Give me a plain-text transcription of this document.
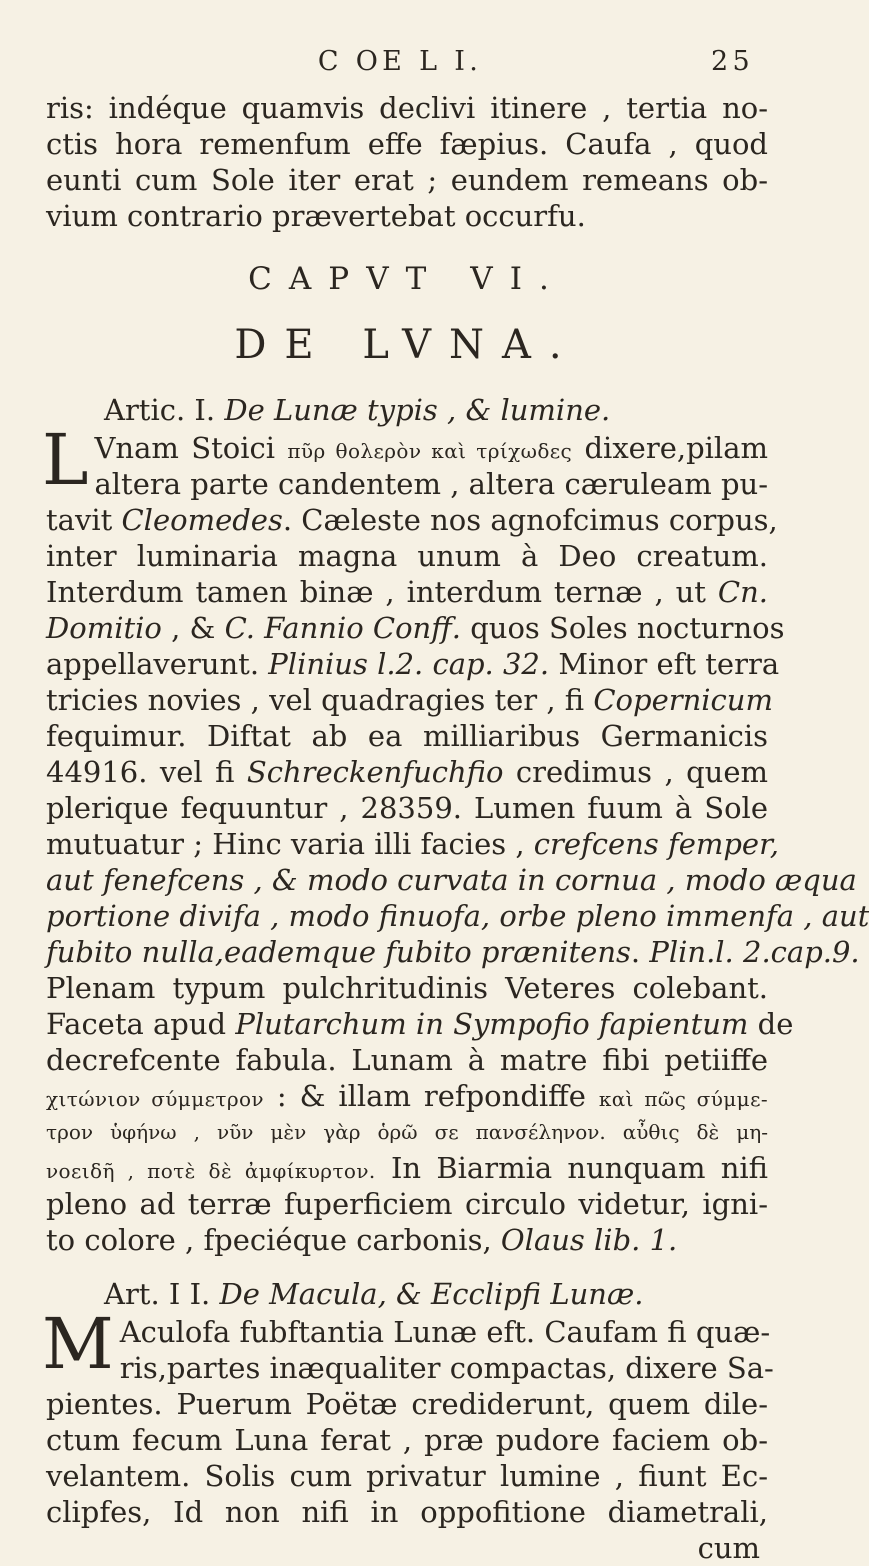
C OE L I.	25
ris: indéque quamvis declivi itinere , tertia no-
ctis hora remenfum effe fæpius. Caufa , quod
eunti cum Sole iter erat ; eundem remeans ob-
vium contrario prævertebat occurfu.
CAPVT VI.
DE LVNA.
Artic. I. De Lunæ typis , & lumine.
L Vnam Stoici πῦρ θολερὸν καὶ τρίχωδες dixere,pilam
altera parte candentem , altera cæruleam pu-
tavit Cleomedes. Cæleste nos agnofcimus corpus,
inter luminaria magna unum à Deo creatum.
Interdum tamen binæ , interdum ternæ , ut Cn.
Domitio , & C. Fannio Conff. quos Soles nocturnos
appellaverunt. Plinius l.2. cap. 32. Minor eft terra
tricies novies , vel quadragies ter , fi Copernicum
fequimur. Diftat ab ea milliaribus Germanicis
44916. vel fi Schreckenfuchfio credimus , quem
plerique fequuntur , 28359. Lumen fuum à Sole
mutuatur ; Hinc varia illi facies , crefcens femper,
aut fenefcens , & modo curvata in cornua , modo æqua
portione divifa , modo finuofa, orbe pleno immenfa , aut
fubito nulla,eademque fubito prænitens. Plin.l. 2.cap.9.
Plenam typum pulchritudinis Veteres colebant.
Faceta apud Plutarchum in Sympofio fapientum de
decrefcente fabula. Lunam à matre fibi petiiffe
χιτώνιον σύμμετρον : & illam refpondiffe καὶ πῶς σύμμε-
τρον ὑφήνω , νῦν μὲν γὰρ ὁρῶ σε πανσέληνον. αὖθις δὲ μη-
νοειδῆ , ποτὲ δὲ ἀμφίκυρτον. In Biarmia nunquam nifi
pleno ad terræ fuperficiem circulo videtur, igni-
to colore , fpeciéque carbonis, Olaus lib. 1.
Art. I I. De Macula, & Ecclipfi Lunæ.
M Aculofa fubftantia Lunæ eft. Caufam fi quæ-
ris,partes inæqualiter compactas, dixere Sa-
pientes. Puerum Poëtæ crediderunt, quem dile-
ctum fecum Luna ferat , præ pudore faciem ob-
velantem. Solis cum privatur lumine , fiunt Ec-
clipfes, Id non nifi in oppofitione diametrali,
cum
